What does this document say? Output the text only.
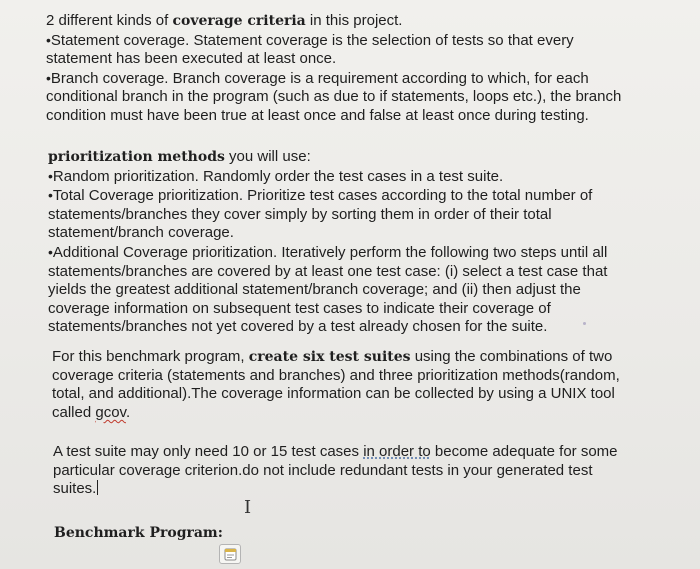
2 different kinds of coverage criteria in this project.
•Statement coverage. Statement coverage is the selection of tests so that every
statement has been executed at least once.
•Branch coverage. Branch coverage is a requirement according to which, for each
conditional branch in the program (such as due to if statements, loops etc.), the branch
condition must have been true at least once and false at least once during testing.
prioritization methods you will use:
•Random prioritization. Randomly order the test cases in a test suite.
•Total Coverage prioritization. Prioritize test cases according to the total number of
statements/branches they cover simply by sorting them in order of their total
statement/branch coverage.
•Additional Coverage prioritization. Iteratively perform the following two steps until all
statements/branches are covered by at least one test case: (i) select a test case that
yields the greatest additional statement/branch coverage; and (ii) then adjust the
coverage information on subsequent test cases to indicate their coverage of
statements/branches not yet covered by a test already chosen for the suite.
For this benchmark program, create six test suites using the combinations of two
coverage criteria (statements and branches) and three prioritization methods(random,
total, and additional).The coverage information can be collected by using a UNIX tool
called gcov.
A test suite may only need 10 or 15 test cases in order to become adequate for some
particular coverage criterion.do not include redundant tests in your generated test
suites.
I
Benchmark Program:
